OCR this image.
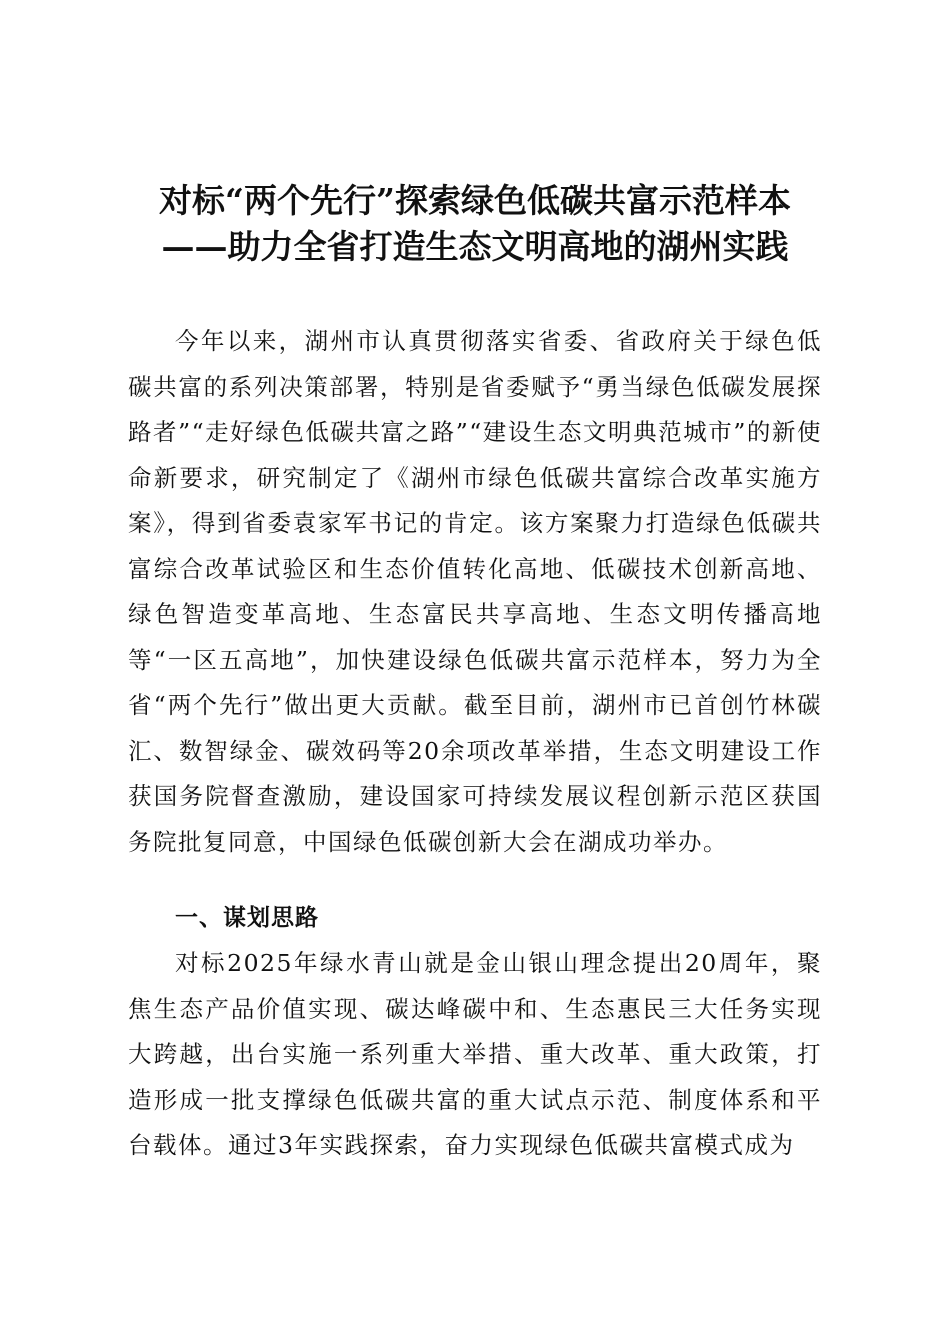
对标“两个先行”探索绿色低碳共富示范样本
——助力全省打造生态文明高地的湖州实践

今年以来，湖州市认真贯彻落实省委、省政府关于绿色低碳共富的系列决策部署，特别是省委赋予“勇当绿色低碳发展探路者”“走好绿色低碳共富之路”“建设生态文明典范城市”的新使命新要求，研究制定了《湖州市绿色低碳共富综合改革实施方案》，得到省委袁家军书记的肯定。该方案聚力打造绿色低碳共富综合改革试验区和生态价值转化高地、低碳技术创新高地、绿色智造变革高地、生态富民共享高地、生态文明传播高地等“一区五高地”，加快建设绿色低碳共富示范样本，努力为全省“两个先行”做出更大贡献。截至目前，湖州市已首创竹林碳汇、数智绿金、碳效码等20余项改革举措，生态文明建设工作获国务院督查激励，建设国家可持续发展议程创新示范区获国务院批复同意，中国绿色低碳创新大会在湖成功举办。

一、谋划思路

对标2025年绿水青山就是金山银山理念提出20周年，聚焦生态产品价值实现、碳达峰碳中和、生态惠民三大任务实现大跨越，出台实施一系列重大举措、重大改革、重大政策，打造形成一批支撑绿色低碳共富的重大试点示范、制度体系和平台载体。通过3年实践探索，奋力实现绿色低碳共富模式成为
